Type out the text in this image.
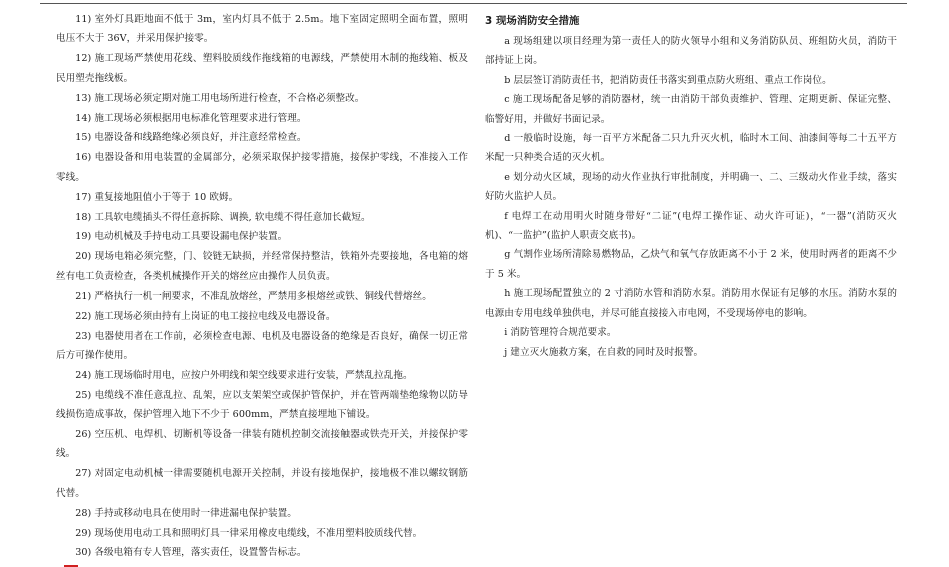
11) 室外灯具距地面不低于 3m，室内灯具不低于 2.5m。地下室固定照明全面布置，照明电压不大于 36V，并采用保护接零。

12) 施工现场严禁使用花线、塑料胶质线作拖线箱的电源线，严禁使用木制的拖线箱、板及民用塑壳拖线板。

13) 施工现场必须定期对施工用电场所进行检查，不合格必须整改。

14) 施工现场必须根据用电标准化管理要求进行管理。

15) 电器设备和线路绝缘必须良好，并注意经常检查。

16) 电器设备和用电装置的金属部分，必须采取保护接零措施，接保护零线，不准接入工作零线。

17) 重复接地阻值小于等于 10 欧姆。

18) 工具软电缆插头不得任意拆除、调换, 软电缆不得任意加长截短。

19) 电动机械及手持电动工具要设漏电保护装置。

20) 现场电箱必须完整，门、铰链无缺损，并经常保持整洁，铁箱外壳要接地，各电箱的熔丝有电工负责检查，各类机械操作开关的熔丝应由操作人员负责。

21) 严格执行一机一闸要求，不准乱放熔丝，严禁用多根熔丝或铁、铜线代替熔丝。

22) 施工现场必须由持有上岗证的电工接拉电线及电器设备。

23) 电器使用者在工作前，必须检查电源、电机及电器设备的绝缘是否良好，确保一切正常后方可操作使用。

24) 施工现场临时用电，应按户外明线和架空线要求进行安装，严禁乱拉乱拖。

25) 电缆线不准任意乱拉、乱架，应以支架架空或保护管保护，并在管两端垫绝缘物以防导线损伤造成事故，保护管埋入地下不少于 600mm，严禁直接埋地下铺设。

26) 空压机、电焊机、切断机等设备一律装有随机控制交流接触器或铁壳开关，并接保护零线。

27) 对固定电动机械一律需要随机电源开关控制，并设有接地保护，接地极不准以螺纹钢筋代替。

28) 手持或移动电具在使用时一律进漏电保护装置。

29) 现场使用电动工具和照明灯具一律采用橡皮电缆线，不准用塑料胶质线代替。

30) 各级电箱有专人管理，落实责任，设置警告标志。

3 现场消防安全措施

a 现场组建以项目经理为第一责任人的防火领导小组和义务消防队员、班组防火员，消防干部持证上岗。

b 层层签订消防责任书，把消防责任书落实到重点防火班组、重点工作岗位。

c 施工现场配备足够的消防器材，统一由消防干部负责维护、管理、定期更新、保证完整、临警好用，并做好书面记录。

d 一般临时设施，每一百平方米配备二只九升灭火机，临时木工间、油漆间等每二十五平方米配一只种类合适的灭火机。

e 划分动火区域，现场的动火作业执行审批制度，并明确一、二、三级动火作业手续，落实好防火监护人员。

f 电焊工在动用明火时随身带好“二证”(电焊工操作证、动火许可证)，“一器”(消防灭火机)、“一监护”(监护人职责交底书)。

g 气割作业场所清除易燃物品，乙炔气和氧气存放距离不小于 2 米，使用时两者的距离不少于 5 米。

h 施工现场配置独立的 2 寸消防水管和消防水泵。消防用水保证有足够的水压。消防水泵的电源由专用电线单独供电，并尽可能直接接入市电网，不受现场停电的影响。

i 消防管理符合规范要求。

j 建立灭火施救方案，在自救的同时及时报警。
